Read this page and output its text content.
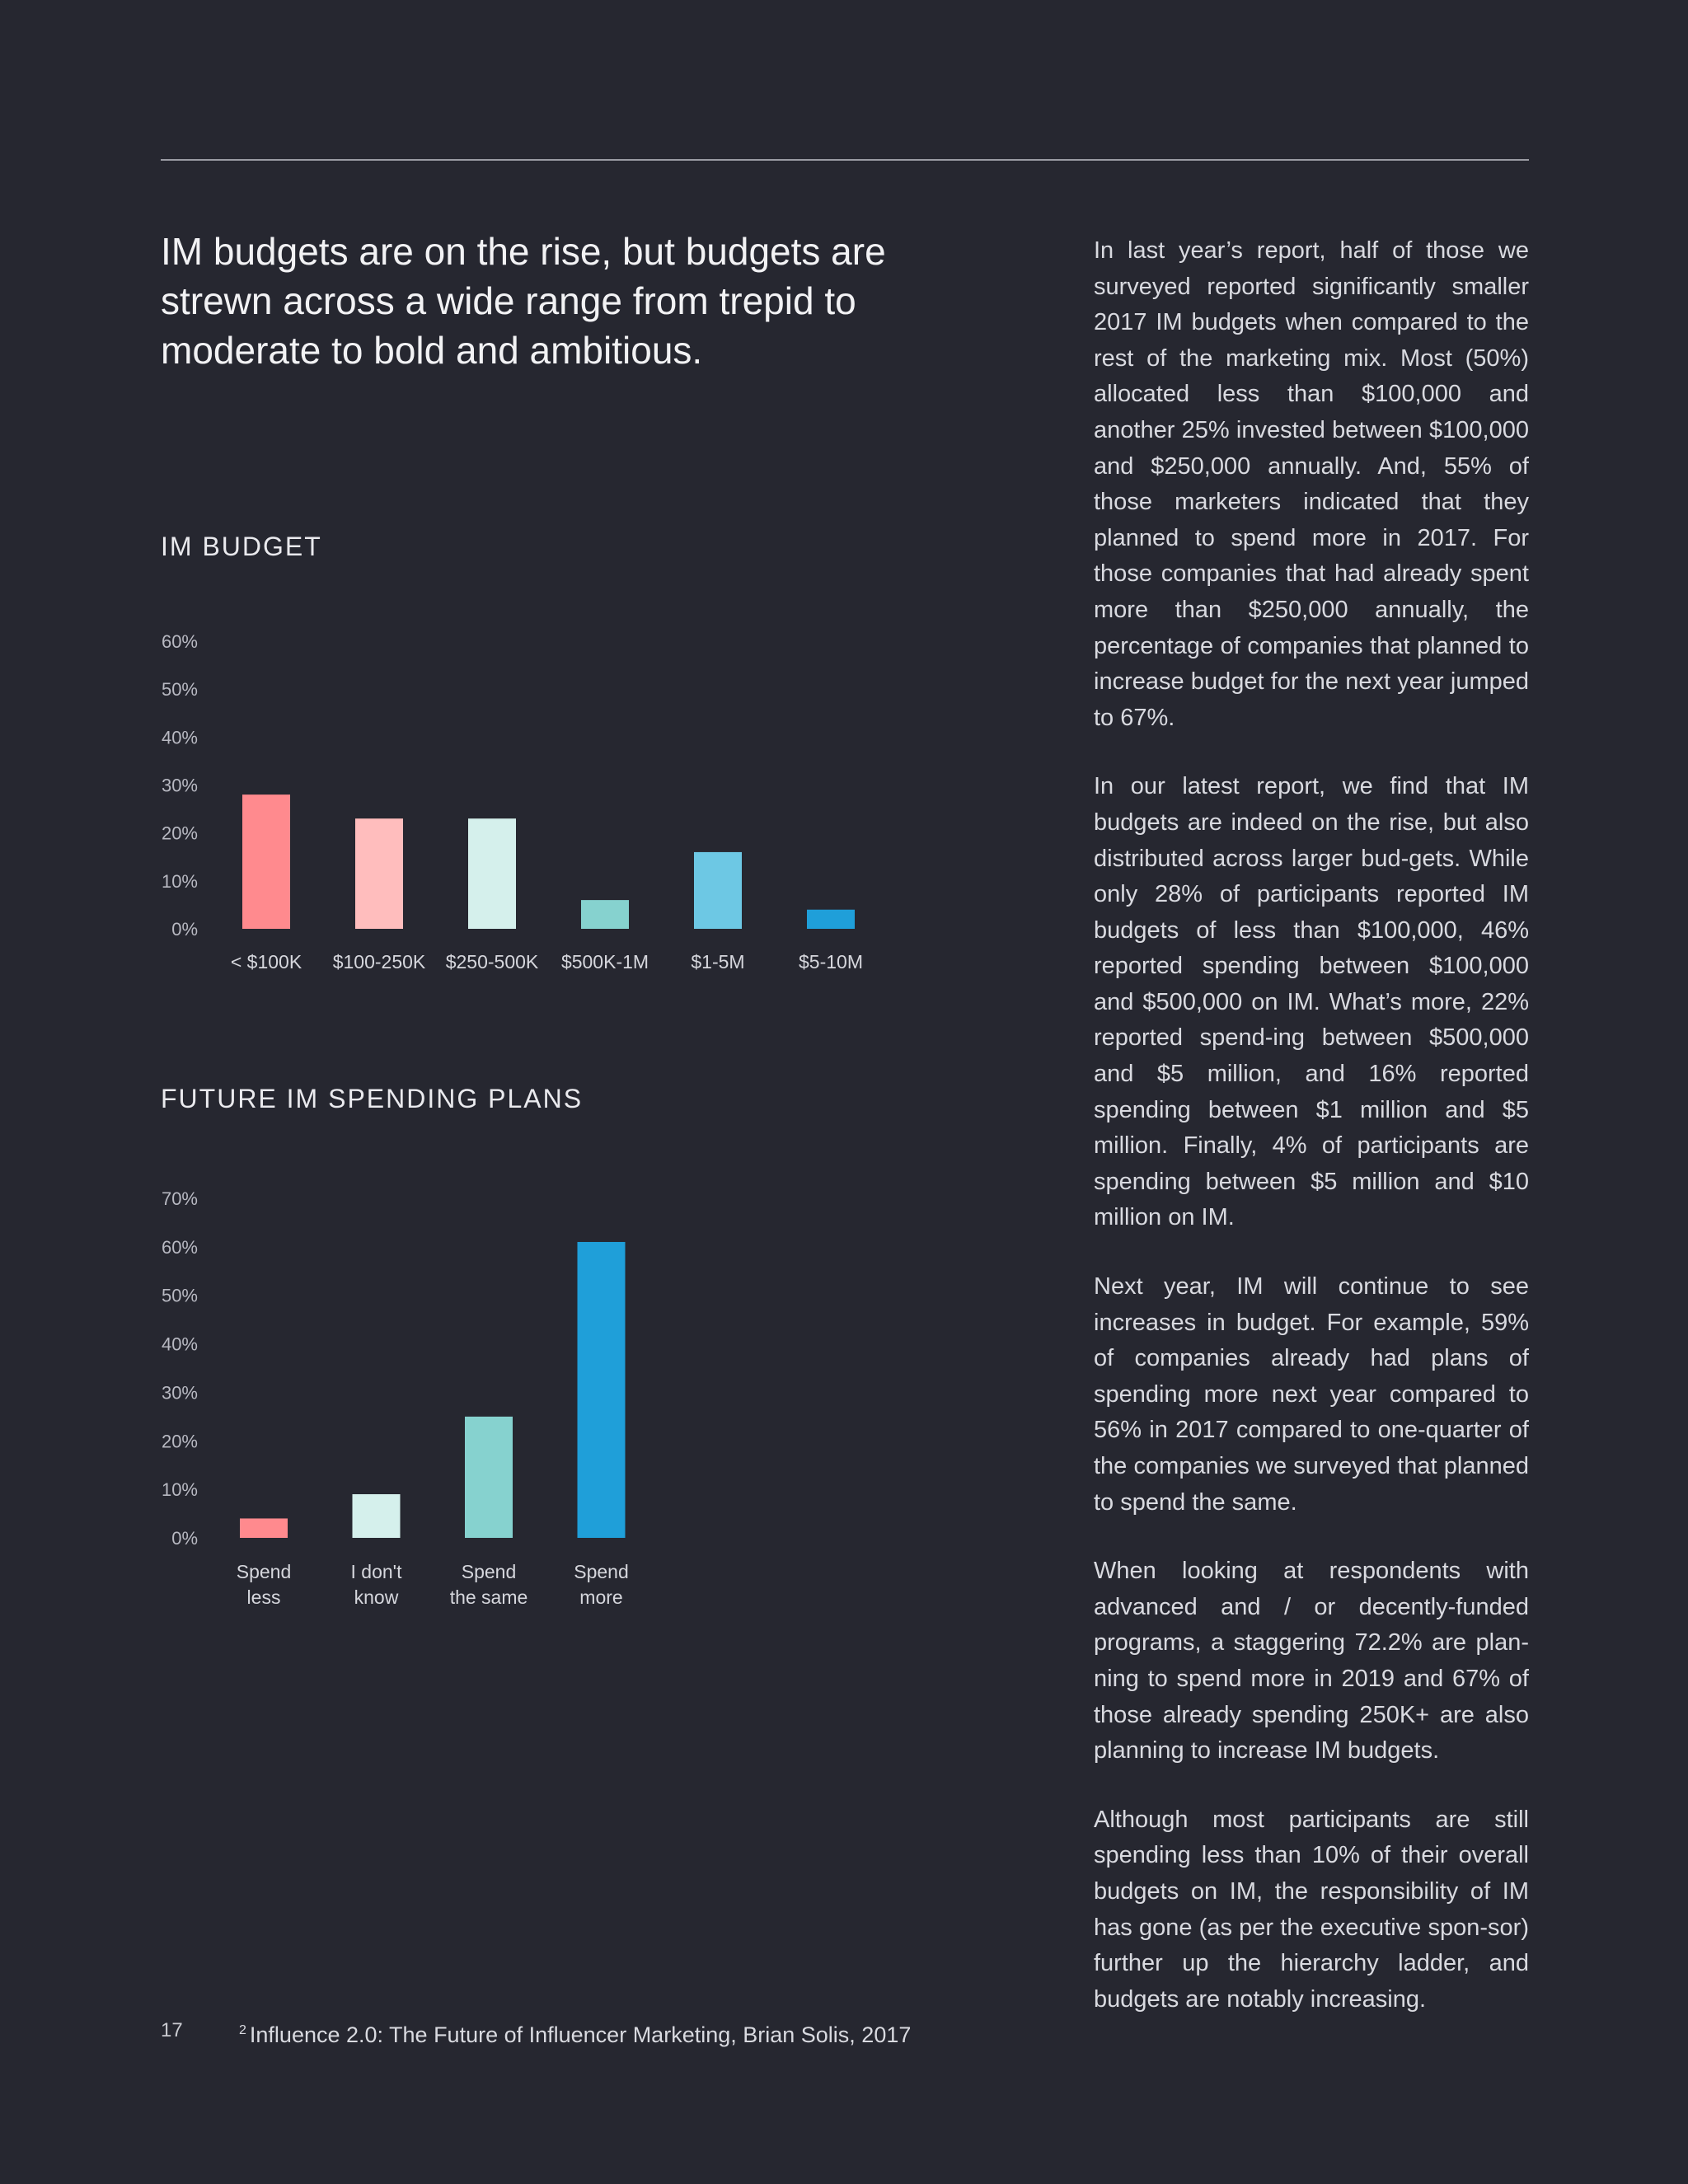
IM budgets are on the rise, but budgets are strewn across a wide range from trepid to moderate to bold and ambitious.
IM BUDGET
0%
10%
20%
30%
40%
50%
60%
< $100K $100-250K $250-500K $500K-1M $1-5M	$5-10M
FUTURE IM SPENDING PLANS
0%
10%
20%
30%
40%
50%
60%
70%
Spend less
I don't know
Spend the same
Spend more

In last year’s report, half of those we surveyed reported significantly smaller 2017 IM budgets when compared to the rest of the marketing mix. Most (50%) allocated less than $100,000 and another 25% invested between $100,000 and $250,000 annually. And, 55% of those marketers indicated that they planned to spend more in 2017. For those companies that had already spent more than $250,000 annually, the percentage of companies that planned to increase budget for the next year jumped to 67%.

In our latest report, we find that IM budgets are indeed on the rise, but also distributed across larger bud-gets. While only 28% of participants reported IM budgets of less than $100,000, 46% reported spending between $100,000 and $500,000 on IM. What’s more, 22% reported spend-ing between $500,000 and $5 million, and 16% reported spending between $1 million and $5 million. Finally, 4% of participants are spending between $5 million and $10 million on IM.

Next year, IM will continue to see increases in budget. For example, 59% of companies already had plans of spending more next year compared to 56% in 2017 compared to one-quarter of the companies we surveyed that planned to spend the same.

When looking at respondents with advanced and / or decently-funded programs, a staggering 72.2% are plan-ning to spend more in 2019 and 67% of those already spending 250K+ are also planning to increase IM budgets.

Although most participants are still spending less than 10% of their overall budgets on IM, the responsibility of IM has gone (as per the executive spon-sor) further up the hierarchy ladder, and budgets are notably increasing.

17	$^2$ Influence 2.0: The Future of Influencer Marketing, Brian Solis, 2017
